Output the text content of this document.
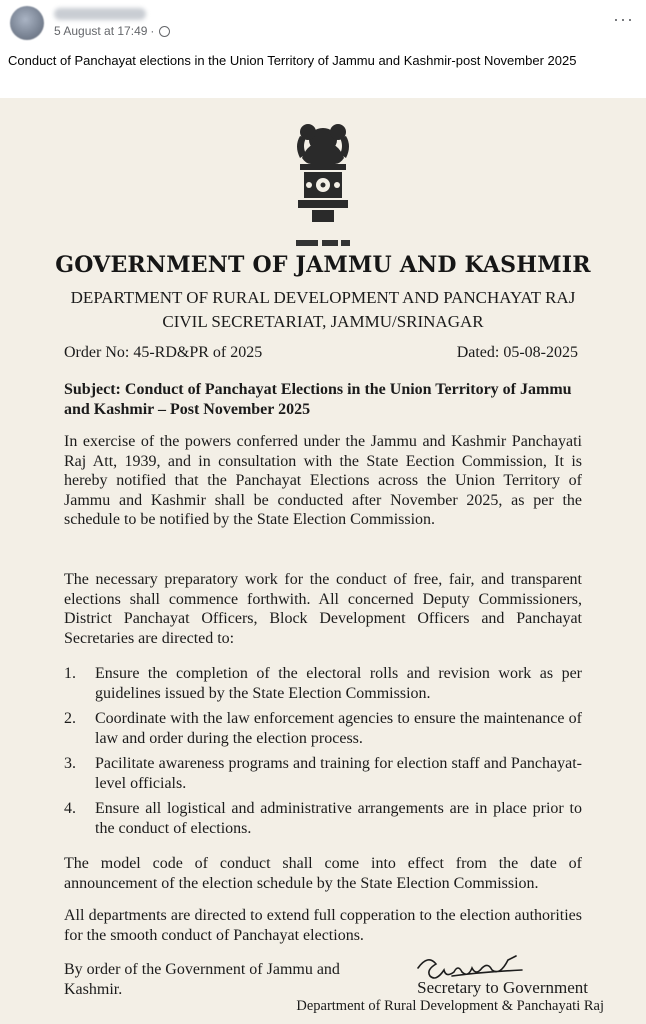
5 August at 17:49 ·
···
Conduct of Panchayat elections in the Union Territory of Jammu and Kashmir-post November 2025
GOVERNMENT OF JAMMU AND KASHMIR
DEPARTMENT OF RURAL DEVELOPMENT AND PANCHAYAT RAJ
CIVIL SECRETARIAT, JAMMU/SRINAGAR
Order No: 45-RD&PR of 2025	Dated: 05-08-2025
Subject: Conduct of Panchayat Elections in the Union Territory of Jammu and Kashmir – Post November 2025
In exercise of the powers conferred under the Jammu and Kashmir Panchayati Raj Att, 1939, and in consultation with the State Eection Commission, It is hereby notified that the Panchayat Elections across the Union Territory of Jammu and Kashmir shall be conducted after November 2025, as per the schedule to be notified by the State Election Commission.
The necessary preparatory work for the conduct of free, fair, and transparent elections shall commence forthwith. All concerned Deputy Commissioners, District Panchayat Officers, Block Development Officers and Panchayat Secretaries are directed to:
1.	Ensure the completion of the electoral rolls and revision work as per guidelines issued by the State Election Commission.
2.	Coordinate with the law enforcement agencies to ensure the maintenance of law and order during the election process.
3.	Pacilitate awareness programs and training for election staff and Panchayat-level officials.
4.	Ensure all logistical and administrative arrangements are in place prior to the conduct of elections.
The model code of conduct shall come into effect from the date of announcement of the election schedule by the State Election Commission.
All departments are directed to extend full copperation to the election authorities for the smooth conduct of Panchayat elections.
By order of the Government of Jammu and Kashmir.	Secretary to Government
Department of Rural Development & Panchayati Raj
